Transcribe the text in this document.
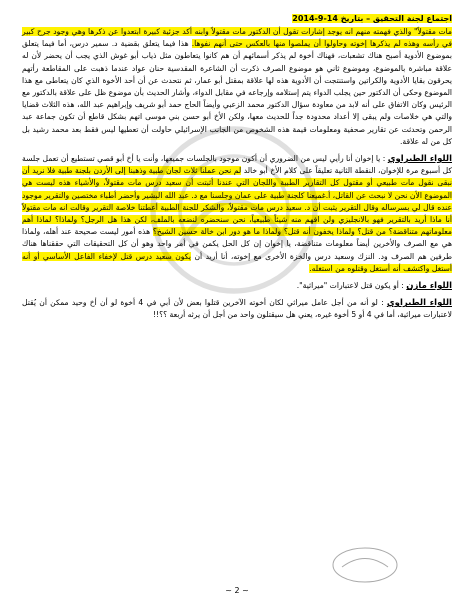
اجتماع لجنة التحقيق – بتاريخ 14-9-2014

مات مقتولاً" والذي فهمته منهم انه يوجد إشارات تقول أن الدكتور مات مقتولاً وابنه أكد جزئية كبيرة ابتعدوا عن ذكرها وهي وجود جرح كبير في رأسه وهذه لم يذكرها إخوته وحاولوا أن يملصوا منها بالعكس حتى أنهم نفوها. هذا فيما يتعلق بقضية د. سمير درس، أما فيما يتعلق بموضوع الأدوية أصبح هناك تشعبات، فهناك أخوة لم يذكر أسمائهم أن هم كانوا يتعاطون مثل ذياب أبو غوش الذي يجب أن يحضر لأن له علاقة مباشرة بالموضوع، وموضوع ثاني هو موضوع الصرف ذكرت أن الشاعرة المقدسية حنان عواد عندما ذهبت على المقاطعة رأتهم يحرقون بقايا الأدوية والكراتين واستنتجت أن الأدوية هذه لها علاقة بمقتل أبو عمار، ثم نتحدث عن أن أحد الأخوة الذي كان يتعاطى مع هذا الموضوع وحكى أن الدكتور حين يجلب الدواء يتم إستلامه وإرجاعه في مقابل الدواء، وأشار الحديث بأن موضوع ظل على علاقة بالدكتور مع الرئيس وكان الاتفاق على أنه لابد من معاودة سؤال الدكتور محمد الزعبي وأيضاً الحاج حمد أبو شريف وإبراهيم عبد الله، هذه الثلاث قضايا والتي هي خلاصات ولم يبقى إلا أعداد محدودة جداً للحديث معها، ولكن الأخ أبو حسن بني موسى اتهم بشكل قاطع أن تكون جماعة عبد الرحمن وتحدثت عن تقارير صحفية ومعلومات قيمة هذه الشخوص من الجانب الإسرائيلي حاولت أن تعطيها ليس فقط بعد محمد رشيد بل كل من له علاقة.

اللواء الطيراوي : يا إخوان أنا رأيي ليس من الضروري أن أكون موجود بالجلسات جميعها، وأنت يا أخ أبو قصي تستطيع أن تعمل جلسة كل أسبوع مرة للإخوان، النقطة الثانية تعليقاً على كلام الأخ أبو خالد لم نحن عملنا ثلاث لجان طبية وذهبنا إلى الأردن بلجنة طبية فلا نريد أن نبقى نقول مات طبيعي أو مقتول كل التقارير الطبية واللجان التي عندنا أثبتت أن سعيد درس مات مقتولاً، والأشياء هذه ليست هي الموضوع الأن نحن لا نبحث عن القاتل، أ.غميعنا كلجنة طبية على عمان وجلسنا مع د. عبد الله البشير وأحضر أطباء مختصين والتقرير موجود عنده قال لي بسرساله وقال التقرير يثبت أن د. سعيد درس مات مقتولاً، والشكر للجنة الطبية أعطتنا خلاصة التقرير وقالت انه مات مقتولاً أنا ماذا أريد بالتقرير فهو بالانجليزي ولن افهم منه شيئاً طبيعياً، نحن سنحضره لنضعه بالملف، لكن هذا هل الرجل؟ ولماذا؟ لماذا أهم معلوماتهم متناقضة؟ من قتل؟ ولماذا يخفون أنه قتل؟ ولماذا ما هو دور ابن خالة حسين الشيخ؟ هذه أمور ليست صحيحة عند أهله، ولماذا هي مع الصرف والأخرين أيضاً معلومات متناقضة، يا إخوان إن كل الحل يكمن في أمر واحد وهو أن كل التحقيقات التي حققناها هناك طرفين هم الصرف ود. النزك وسعيد درس والخزة الأخرى مع إخوته، أنا أريد أن يكون سعيد درس قتل لإخفاء الفاعل الأساسي أو أنه أستغل واكتشف أنه أستغل وقتلوه من استغله.

اللواء مازن : أو يكون قتل لاعتبارات "ميراثية".

اللواء الطيراوي : لو أنه من أجل عامل ميراثي لكان أخوته الآخرين قتلوا بعض لأن أبي في 4 أخوة لو أن أخ وحيد ممكن أن يُقتل لاعتبارات ميراثية، أما في 4 أو 5 أخوة غيره، يعني هل سيقتلون واحد من أجل أن يرثه أربعة ؟؟!!

~ 2 ~
